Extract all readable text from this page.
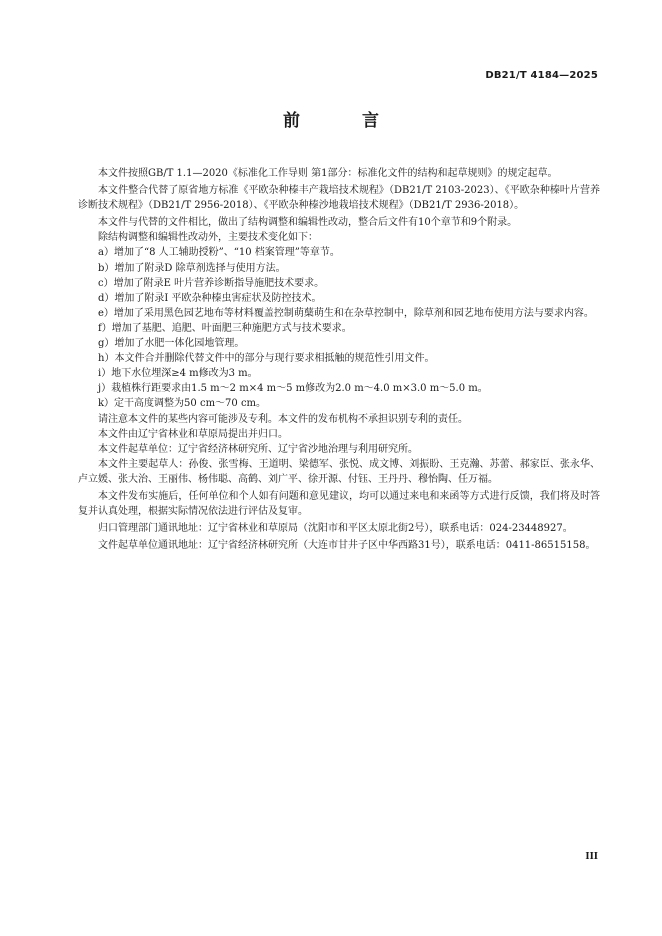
DB21/T 4184—2025
前 言

本文件按照GB/T 1.1—2020《标准化工作导则 第1部分：标准化文件的结构和起草规则》的规定起草。

本文件整合代替了原省地方标准《平欧杂种榛丰产栽培技术规程》（DB21/T 2103-2023）、《平欧杂种榛叶片营养诊断技术规程》（DB21/T 2956-2018）、《平欧杂种榛沙地栽培技术规程》（DB21/T 2936-2018）。

本文件与代替的文件相比，做出了结构调整和编辑性改动，整合后文件有10个章节和9个附录。

除结构调整和编辑性改动外，主要技术变化如下：

a）增加了“8 人工辅助授粉”、“10 档案管理”等章节。

b）增加了附录D 除草剂选择与使用方法。

c）增加了附录E 叶片营养诊断指导施肥技术要求。

d）增加了附录I 平欧杂种榛虫害症状及防控技术。

e）增加了采用黑色园艺地布等材料覆盖控制萌蘖萌生和在杂草控制中，除草剂和园艺地布使用方法与要求内容。

f）增加了基肥、追肥、叶面肥三种施肥方式与技术要求。

g）增加了水肥一体化园地管理。

h）本文件合并删除代替文件中的部分与现行要求相抵触的规范性引用文件。

i）地下水位埋深≥4 m修改为3 m。

j）栽植株行距要求由1.5 m～2 m×4 m～5 m修改为2.0 m～4.0 m×3.0 m～5.0 m。

k）定干高度调整为50 cm～70 cm。

请注意本文件的某些内容可能涉及专利。本文件的发布机构不承担识别专利的责任。

本文件由辽宁省林业和草原局提出并归口。

本文件起草单位：辽宁省经济林研究所、辽宁省沙地治理与利用研究所。

本文件主要起草人：孙俊、张雪梅、王道明、梁德军、张悦、成文博、刘振盼、王克瀚、苏蕾、郝家臣、张永华、卢立媛、张大治、王丽伟、杨伟聪、高鹤、刘广平、徐开源、付钰、王丹丹、穆怡陶、任万福。

本文件发布实施后，任何单位和个人如有问题和意见建议，均可以通过来电和来函等方式进行反馈，我们将及时答复并认真处理，根据实际情况依法进行评估及复审。

归口管理部门通讯地址：辽宁省林业和草原局（沈阳市和平区太原北街2号），联系电话：024-23448927。

文件起草单位通讯地址：辽宁省经济林研究所（大连市甘井子区中华西路31号），联系电话：0411-86515158。

III
